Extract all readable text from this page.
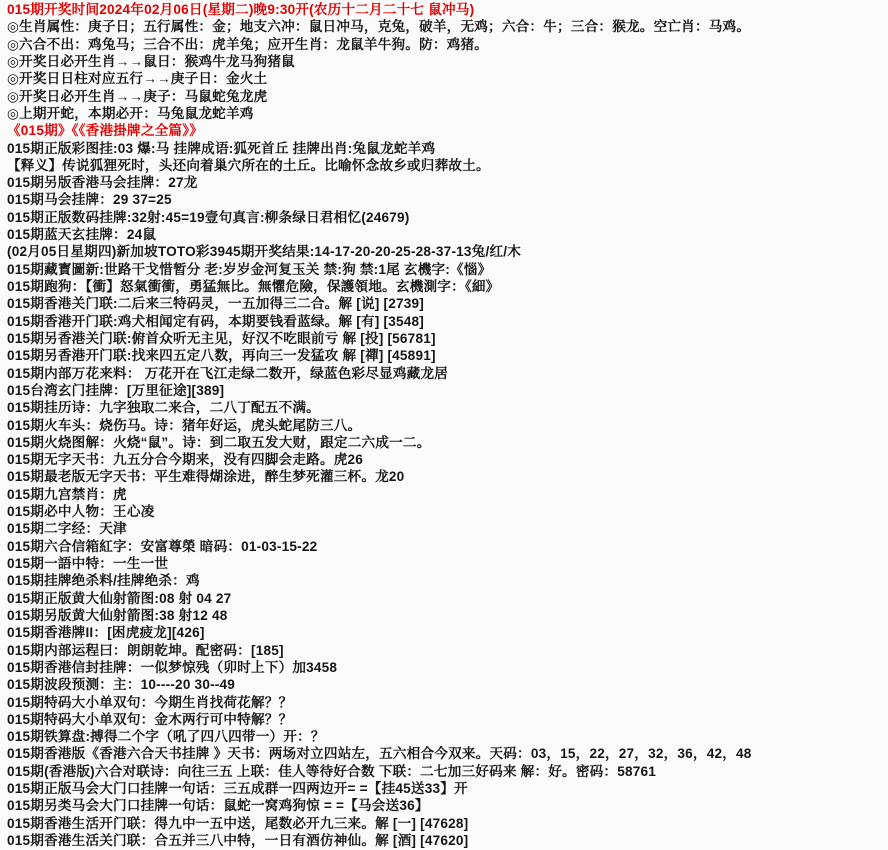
015期开奖时间2024年02月06日(星期二)晚9:30开(农历十二月二十七 鼠冲马)
◎生肖属性：庚子日；五行属性：金；地支六冲：鼠日冲马，克兔，破羊，无鸡；六合：牛；三合：猴龙。空亡肖：马鸡。
◎六合不出：鸡兔马；三合不出：虎羊兔；应开生肖：龙鼠羊牛狗。防：鸡猪。
◎开奖日必开生肖→→鼠日：猴鸡牛龙马狗猪鼠
◎开奖日日柱对应五行→→庚子日：金火土
◎开奖日必开生肖→→庚子：马鼠蛇兔龙虎
◎上期开蛇，本期必开：马兔鼠龙蛇羊鸡
《015期》《《香港掛牌之全篇》》
015期正版彩图挂:03 爆:马 挂牌成语:狐死首丘 挂牌出肖:兔鼠龙蛇羊鸡
【释义】传说狐狸死时，头还向着巢穴所在的土丘。比喻怀念故乡或归葬故土。
015期另版香港马会挂牌：27龙
015期马会挂牌：29 37=25
015期正版数码挂牌:32射:45=19壹句真言:柳条绿日君相忆(24679)
015期蓝天玄挂牌：24鼠
(02月05日星期四)新加坡TOTO彩3945期开奖结果:14-17-20-20-25-28-37-13兔/红/木
015期藏寳圖新:世路干戈惜暂分 老:岁岁金河复玉关 禁:狗 禁:1尾 玄機字:《惱》
015期跑狗：【衝】怒氣衝衝，勇猛無比。無懼危險，保護領地。玄機測字：《細》
015期香港关门联:二后来三特码灵，一五加得三二合。解 [说] [2739]
015期香港开门联:鸡犬相闻定有码，本期要钱看蓝绿。解 [有] [3548]
015期另香港关门联:俯首众听无主见，好汉不吃眼前亏 解 [投] [56781]
015期另香港开门联:找来四五定八数，再向三一发猛攻 解 [禪] [45891]
015期内部万花来料： 万花开在飞江走绿二数开，绿蓝色彩尽显鸡藏龙居
015台湾玄门挂牌：[万里征途][389]
015期挂历诗：九字独取二来合，二八丁配五不满。
015期火车头：烧伤马。诗：猪年好运，虎头蛇尾防三八。
015期火烧图解：火烧“鼠”。诗：到二取五发大财，跟定二六成一二。
015期无字天书：九五分合今期来，没有四脚会走路。虎26
015期最老版无字天书：平生难得煳涂进，醉生梦死灌三杯。龙20
015期九宫禁肖：虎
015期必中人物：王心凌
015期二字经：天津
015期六合信箱紅字：安富尊榮 暗码：01-03-15-22
015期一語中特：一生一世
015期挂牌绝杀料/挂牌绝杀：鸡
015期正版黄大仙射箭图:08 射 04 27
015期另版黄大仙射箭图:38 射12 48
015期香港牌II：[困虎疲龙][426]
015期内部运程曰：朗朗乾坤。配密码：[185]
015期香港信封挂牌：一似梦惊残（卯时上下）加3458
015期波段预测：主：10----20 30--49
015期特码大小单双句：今期生肖找荷花解？？
015期特码大小单双句：金木两行可中特解？？
015期铁算盘:搏得二个字（吼了四八四带一）开：？
015期香港版《香港六合天书挂牌 》天书：两场对立四站左，五六相合今双来。天码：03，15，22，27，32，36，42，48
015期(香港版)六合对联诗：向往三五 上联：佳人等待好合数 下联：二七加三好码来 解：好。密码：58761
015期正版马会大门口挂牌一句话：三五成群一四两边开= =【挂45送33】开
015期另类马会大门口挂牌一句话：鼠蛇一窝鸡狗惊 = =【马会送36】
015期香港生活开门联：得九中一五中送，尾数必开九三来。解 [一] [47628]
015期香港生活关门联：合五并三八中特，一日有酒仿神仙。解 [酒] [47620]
